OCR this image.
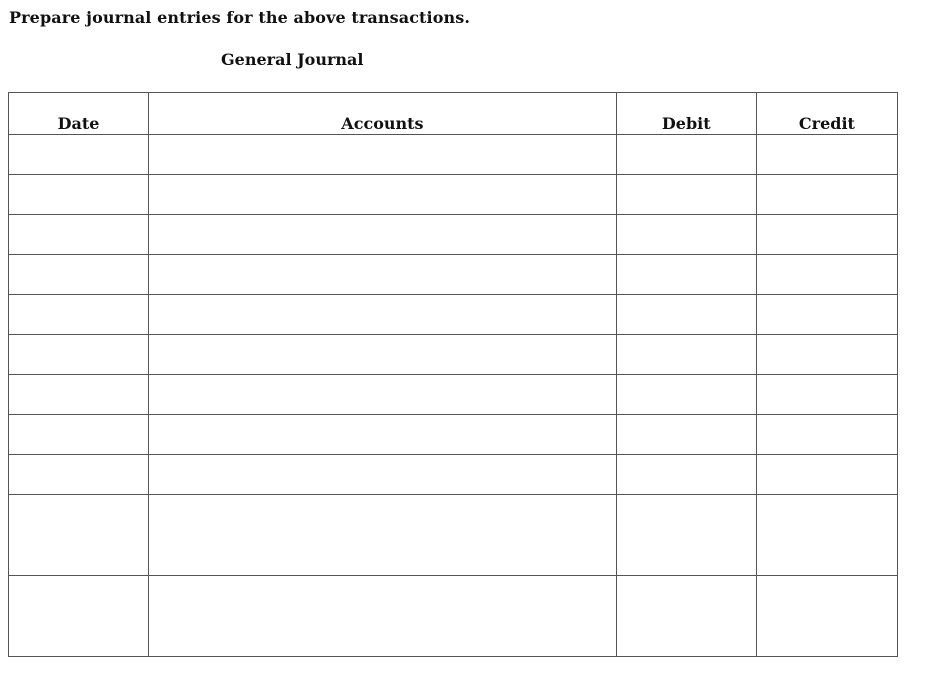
Prepare journal entries for the above transactions.
General Journal
Date	Accounts	Debit	Credit
